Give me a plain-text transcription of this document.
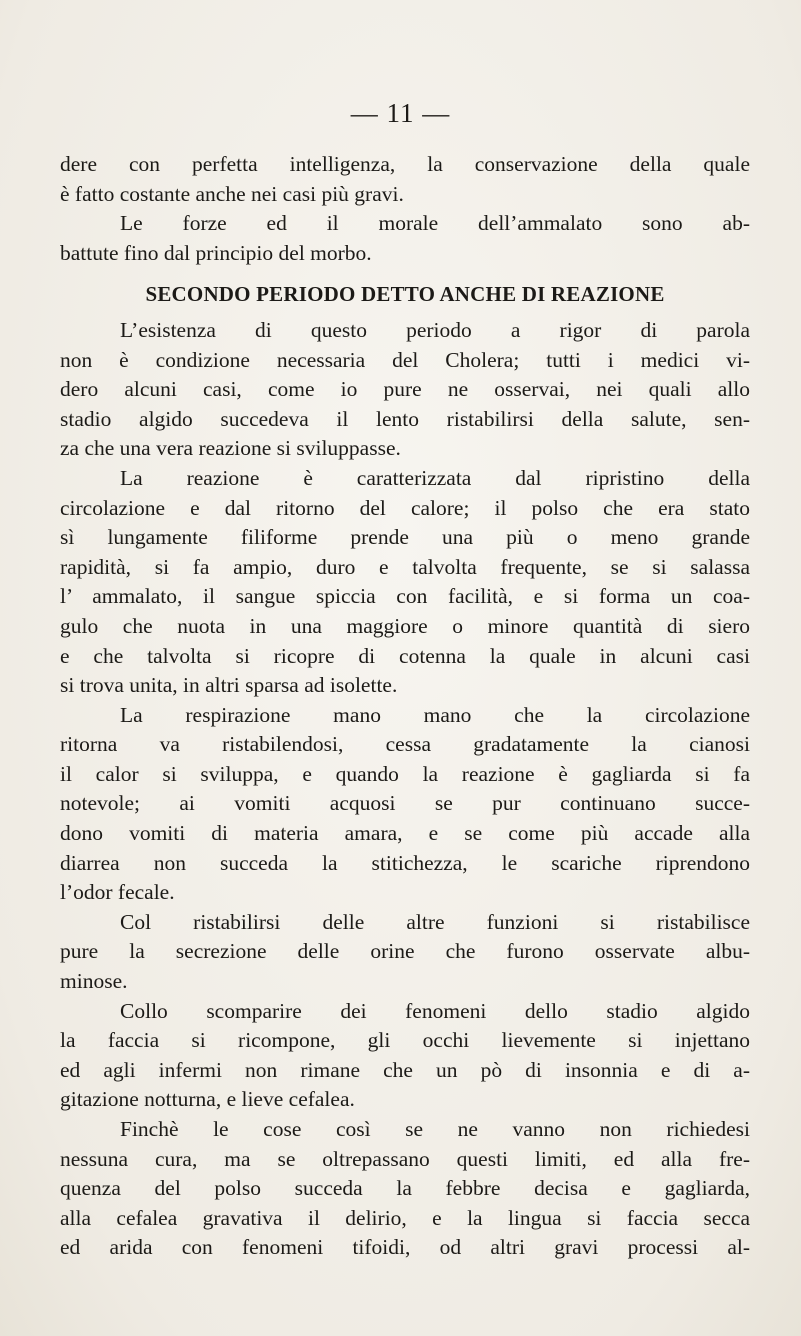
— 11 —
dere con perfetta intelligenza, la conservazione della quale
è fatto costante anche nei casi più gravi.
Le forze ed il morale dell’ammalato sono ab-
battute fino dal principio del morbo.
SECONDO PERIODO DETTO ANCHE DI REAZIONE
L’esistenza di questo periodo a rigor di parola
non è condizione necessaria del Cholera; tutti i medici vi-
dero alcuni casi, come io pure ne osservai, nei quali allo
stadio algido succedeva il lento ristabilirsi della salute, sen-
za che una vera reazione si sviluppasse.
La reazione è caratterizzata dal ripristino della
circolazione e dal ritorno del calore; il polso che era stato
sì lungamente filiforme prende una più o meno grande
rapidità, si fa ampio, duro e talvolta frequente, se si salassa
l’ ammalato, il sangue spiccia con facilità, e si forma un coa-
gulo che nuota in una maggiore o minore quantità di siero
e che talvolta si ricopre di cotenna la quale in alcuni casi
si trova unita, in altri sparsa ad isolette.
La respirazione mano mano che la circolazione
ritorna va ristabilendosi, cessa gradatamente la cianosi
il calor si sviluppa, e quando la reazione è gagliarda si fa
notevole; ai vomiti acquosi se pur continuano succe-
dono vomiti di materia amara, e se come più accade alla
diarrea non succeda la stitichezza, le scariche riprendono
l’odor fecale.
Col ristabilirsi delle altre funzioni si ristabilisce
pure la secrezione delle orine che furono osservate albu-
minose.
Collo scomparire dei fenomeni dello stadio algido
la faccia si ricompone, gli occhi lievemente si injettano
ed agli infermi non rimane che un pò di insonnia e di a-
gitazione notturna, e lieve cefalea.
Finchè le cose così se ne vanno non richiedesi
nessuna cura, ma se oltrepassano questi limiti, ed alla fre-
quenza del polso succeda la febbre decisa e gagliarda,
alla cefalea gravativa il delirio, e la lingua si faccia secca
ed arida con fenomeni tifoidi, od altri gravi processi al-
